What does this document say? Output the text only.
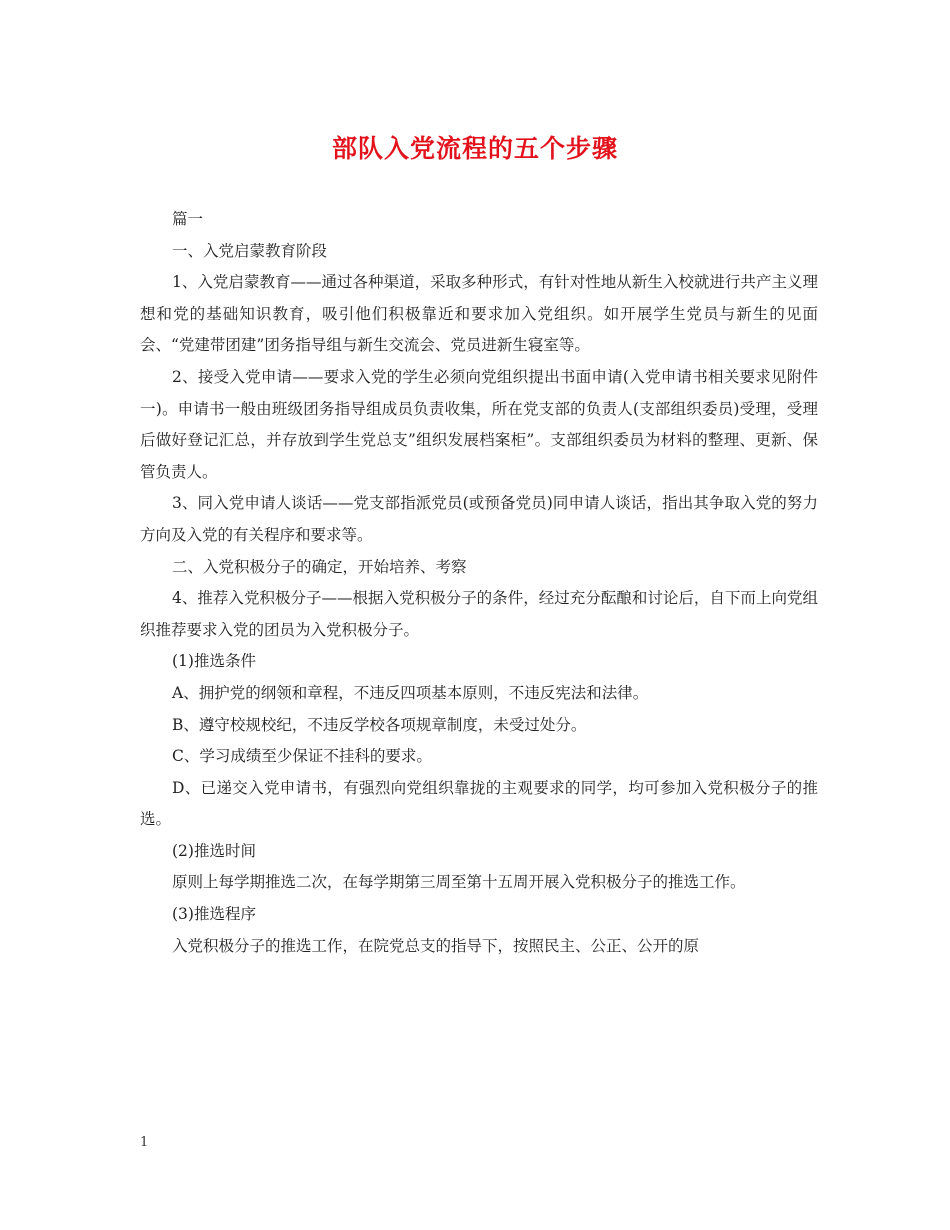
部队入党流程的五个步骤

篇一

一、入党启蒙教育阶段

1、入党启蒙教育——通过各种渠道，采取多种形式，有针对性地从新生入校就进行共产主义理想和党的基础知识教育，吸引他们积极靠近和要求加入党组织。如开展学生党员与新生的见面会、“党建带团建”团务指导组与新生交流会、党员进新生寝室等。

2、接受入党申请——要求入党的学生必须向党组织提出书面申请(入党申请书相关要求见附件一)。申请书一般由班级团务指导组成员负责收集，所在党支部的负责人(支部组织委员)受理，受理后做好登记汇总，并存放到学生党总支”组织发展档案柜”。支部组织委员为材料的整理、更新、保管负责人。

3、同入党申请人谈话——党支部指派党员(或预备党员)同申请人谈话，指出其争取入党的努力方向及入党的有关程序和要求等。

二、入党积极分子的确定，开始培养、考察

4、推荐入党积极分子——根据入党积极分子的条件，经过充分酝酿和讨论后，自下而上向党组织推荐要求入党的团员为入党积极分子。

(1)推选条件

A、拥护党的纲领和章程，不违反四项基本原则，不违反宪法和法律。

B、遵守校规校纪，不违反学校各项规章制度，未受过处分。

C、学习成绩至少保证不挂科的要求。

D、已递交入党申请书，有强烈向党组织靠拢的主观要求的同学，均可参加入党积极分子的推选。

(2)推选时间

原则上每学期推选二次，在每学期第三周至第十五周开展入党积极分子的推选工作。

(3)推选程序

入党积极分子的推选工作，在院党总支的指导下，按照民主、公正、公开的原

1
